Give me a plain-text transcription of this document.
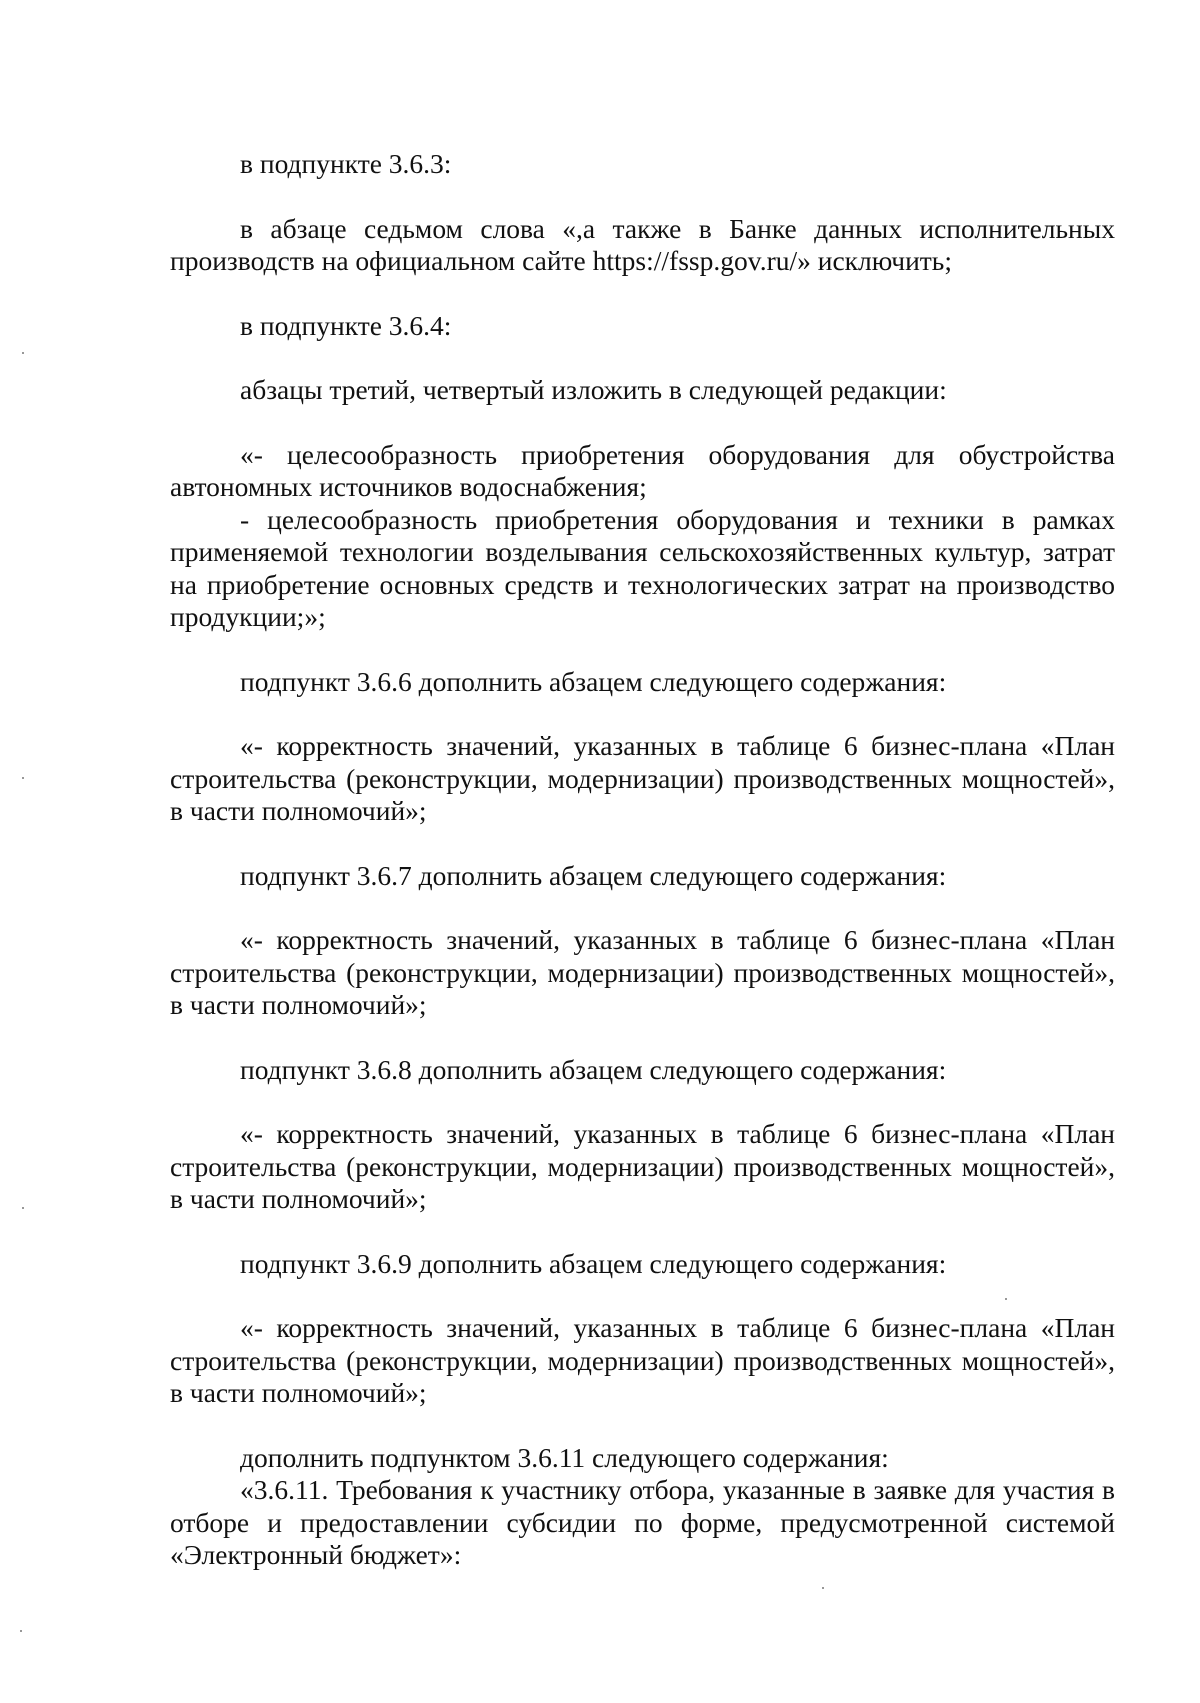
в подпункте 3.6.3:

в абзаце седьмом слова «,а также в Банке данных исполнительных производств на официальном сайте https://fssp.gov.ru/» исключить;

в подпункте 3.6.4:

абзацы третий, четвертый изложить в следующей редакции:

«- целесообразность приобретения оборудования для обустройства автономных источников водоснабжения;

- целесообразность приобретения оборудования и техники в рамках применяемой технологии возделывания сельскохозяйственных культур, затрат на приобретение основных средств и технологических затрат на производство продукции;»;

подпункт 3.6.6 дополнить абзацем следующего содержания:

«- корректность значений, указанных в таблице 6 бизнес-плана «План строительства (реконструкции, модернизации) производственных мощностей», в части полномочий»;

подпункт 3.6.7 дополнить абзацем следующего содержания:

«- корректность значений, указанных в таблице 6 бизнес-плана «План строительства (реконструкции, модернизации) производственных мощностей», в части полномочий»;

подпункт 3.6.8 дополнить абзацем следующего содержания:

«- корректность значений, указанных в таблице 6 бизнес-плана «План строительства (реконструкции, модернизации) производственных мощностей», в части полномочий»;

подпункт 3.6.9 дополнить абзацем следующего содержания:

«- корректность значений, указанных в таблице 6 бизнес-плана «План строительства (реконструкции, модернизации) производственных мощностей», в части полномочий»;

дополнить подпунктом 3.6.11 следующего содержания:

«3.6.11. Требования к участнику отбора, указанные в заявке для участия в отборе и предоставлении субсидии по форме, предусмотренной системой «Электронный бюджет»:
